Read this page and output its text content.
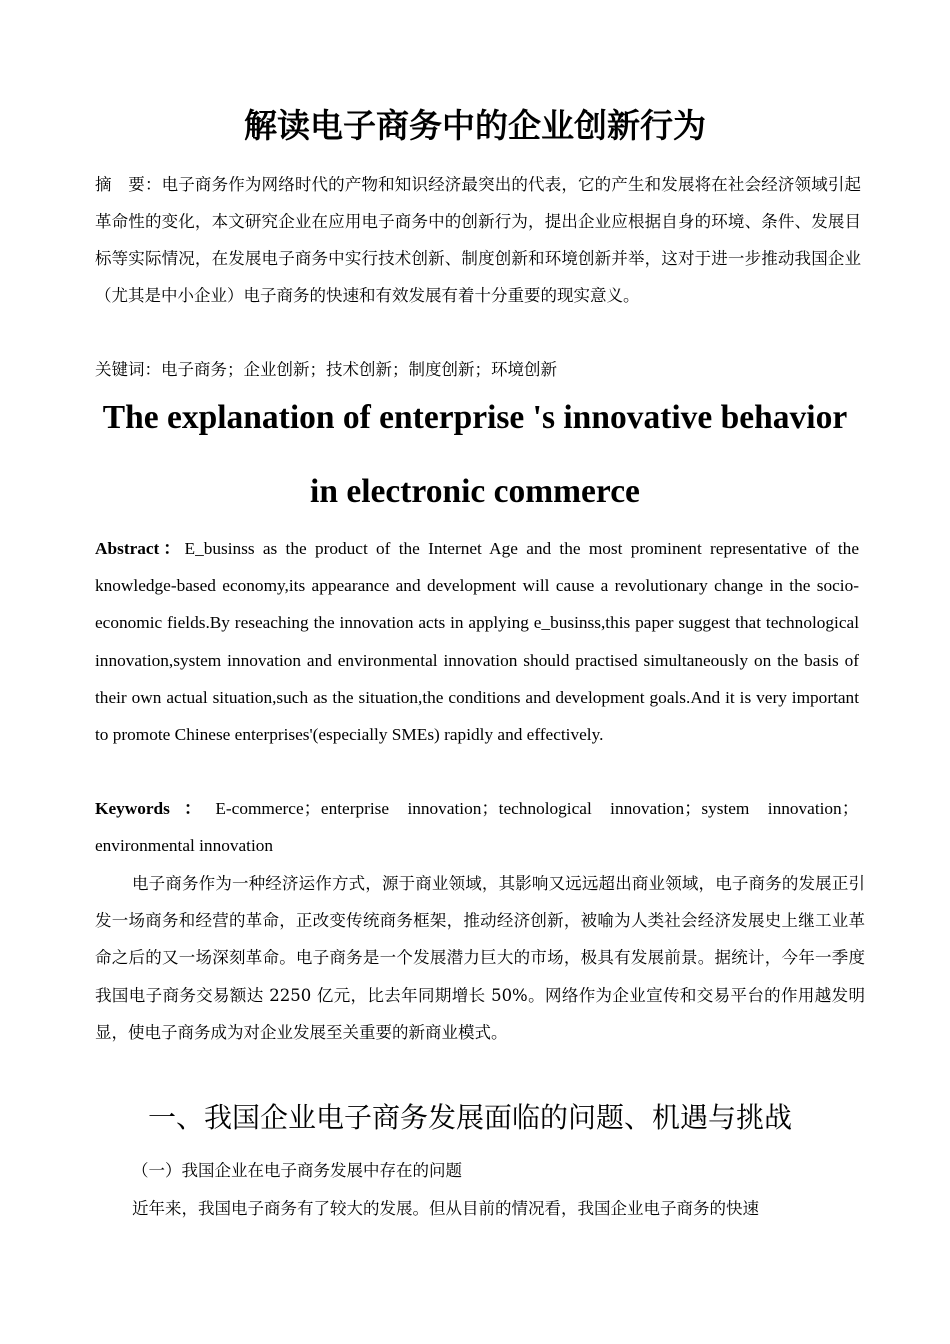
解读电子商务中的企业创新行为
摘　要：电子商务作为网络时代的产物和知识经济最突出的代表，它的产生和发展将在社会经济领域引起革命性的变化，本文研究企业在应用电子商务中的创新行为，提出企业应根据自身的环境、条件、发展目标等实际情况，在发展电子商务中实行技术创新、制度创新和环境创新并举，这对于进一步推动我国企业（尤其是中小企业）电子商务的快速和有效发展有着十分重要的现实意义。
关键词：电子商务；企业创新；技术创新；制度创新；环境创新
The explanation of enterprise 's innovative behavior
in electronic commerce
Abstract：E_businss as the product of the Internet Age and the most prominent representative of the knowledge-based economy,its appearance and development will cause a revolutionary change in the socio-economic fields.By reseaching the innovation acts in applying e_businss,this paper suggest that technological innovation,system innovation and environmental innovation should practised simultaneously on the basis of their own actual situation,such as the situation,the conditions and development goals.And it is very important to promote Chinese enterprises'(especially SMEs) rapidly and effectively.
Keywords：E-commerce；enterprise innovation；technological innovation；system innovation；environmental innovation
电子商务作为一种经济运作方式，源于商业领域，其影响又远远超出商业领域，电子商务的发展正引发一场商务和经营的革命，正改变传统商务框架，推动经济创新，被喻为人类社会经济发展史上继工业革命之后的又一场深刻革命。电子商务是一个发展潜力巨大的市场，极具有发展前景。据统计，今年一季度我国电子商务交易额达 2250 亿元，比去年同期增长 50%。网络作为企业宣传和交易平台的作用越发明显，使电子商务成为对企业发展至关重要的新商业模式。
一、我国企业电子商务发展面临的问题、机遇与挑战
（一）我国企业在电子商务发展中存在的问题
近年来，我国电子商务有了较大的发展。但从目前的情况看，我国企业电子商务的快速
